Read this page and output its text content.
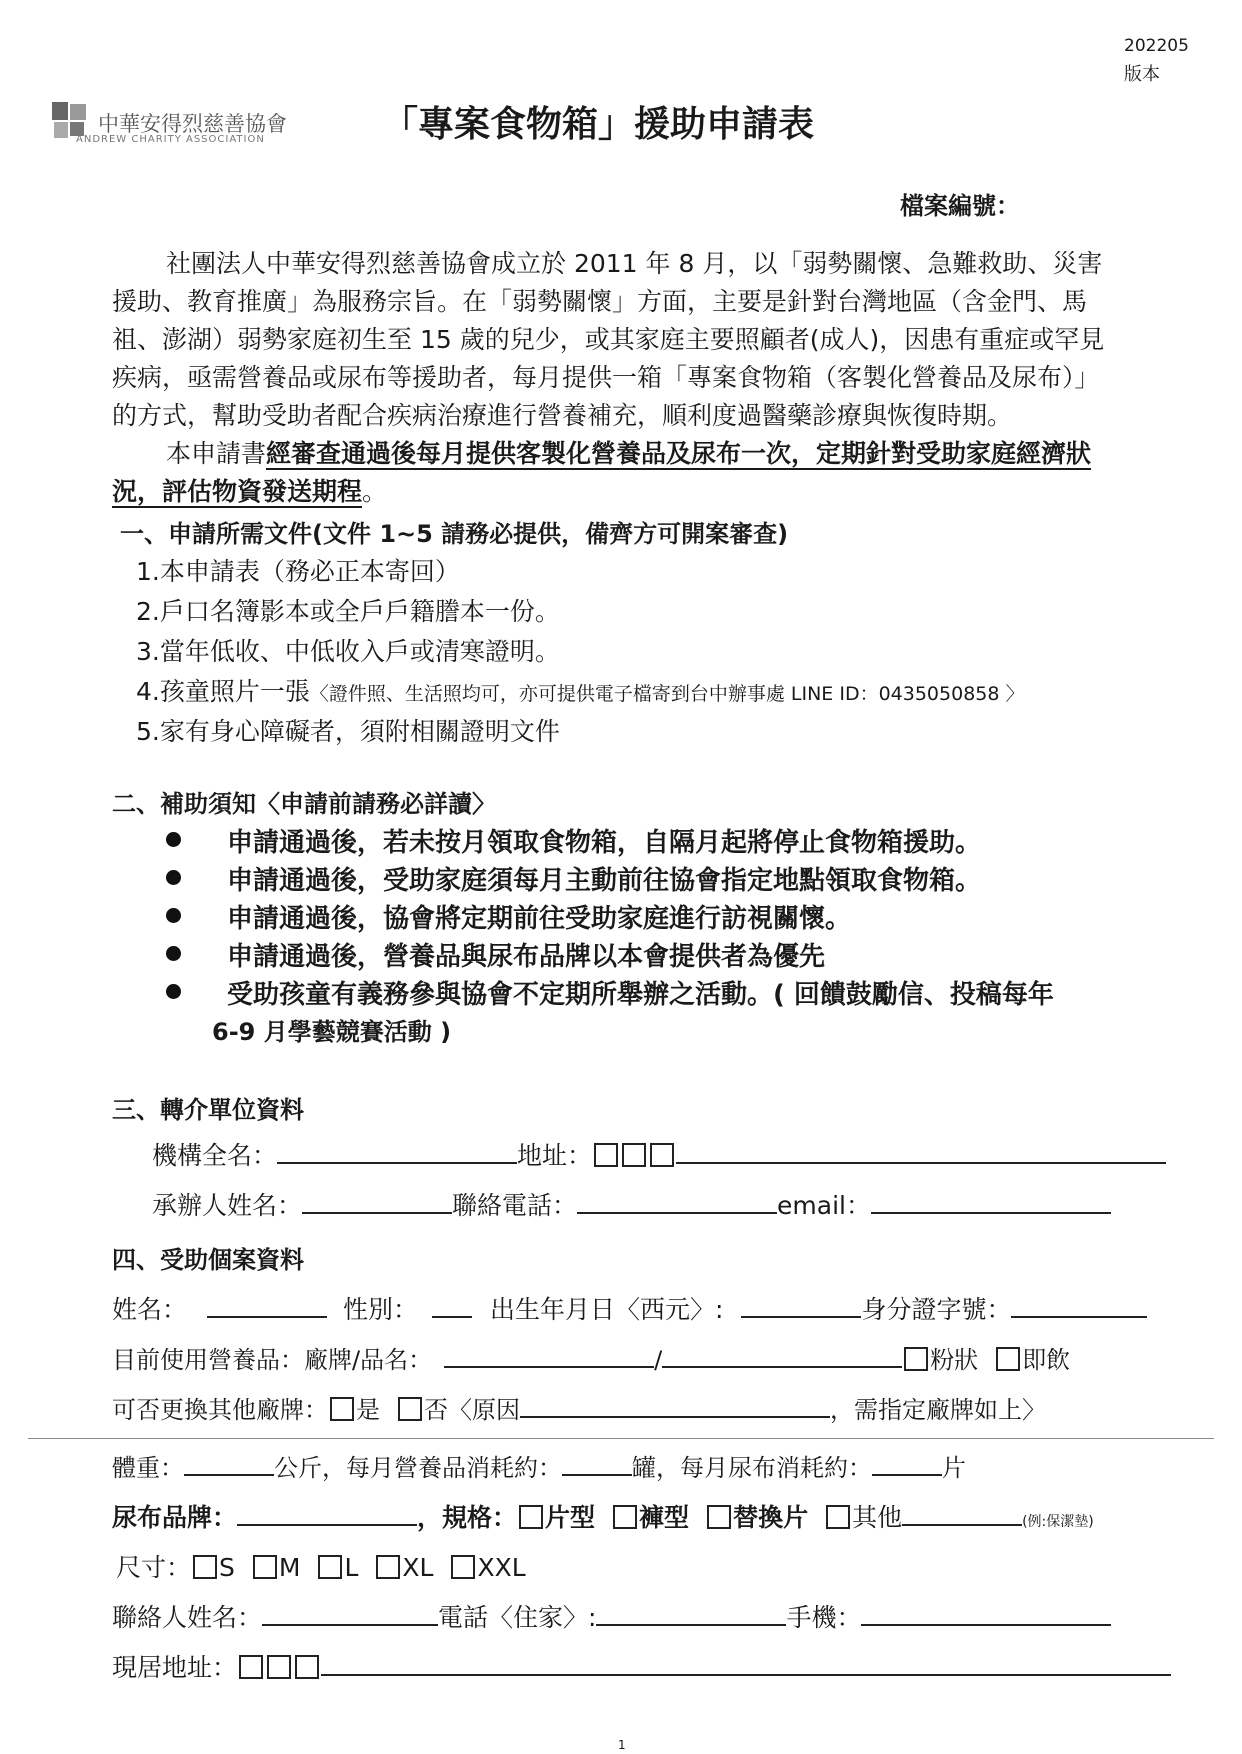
202205
版本
中華安得烈慈善協會
ANDREW CHARITY ASSOCIATION	「專案食物箱」援助申請表
檔案編號：
社團法人中華安得烈慈善協會成立於 2011 年 8 月，以「弱勢關懷、急難救助、災害
援助、教育推廣」為服務宗旨。在「弱勢關懷」方面，主要是針對台灣地區（含金門、馬
祖、澎湖）弱勢家庭初生至 15 歲的兒少，或其家庭主要照顧者(成人)，因患有重症或罕見
疾病，亟需營養品或尿布等援助者，每月提供一箱「專案食物箱（客製化營養品及尿布）」
的方式，幫助受助者配合疾病治療進行營養補充，順利度過醫藥診療與恢復時期。
本申請書經審查通過後每月提供客製化營養品及尿布一次，定期針對受助家庭經濟狀
況，評估物資發送期程。
一、申請所需文件(文件 1~5 請務必提供，備齊方可開案審查)
1.本申請表（務必正本寄回）
2.戶口名簿影本或全戶戶籍謄本一份。
3.當年低收、中低收入戶或清寒證明。
4.孩童照片一張〈證件照、生活照均可，亦可提供電子檔寄到台中辦事處 LINE ID：0435050858 〉
5.家有身心障礙者，須附相關證明文件
二、補助須知〈申請前請務必詳讀〉
申請通過後，若未按月領取食物箱，自隔月起將停止食物箱援助。
申請通過後，受助家庭須每月主動前往協會指定地點領取食物箱。
申請通過後，協會將定期前往受助家庭進行訪視關懷。
申請通過後，營養品與尿布品牌以本會提供者為優先
受助孩童有義務參與協會不定期所舉辦之活動。( 回饋鼓勵信、投稿每年
6-9 月學藝競賽活動 )
三、轉介單位資料
機構全名：	地址：
承辦人姓名：	聯絡電話：	email：
四、受助個案資料
姓名：	性別：	出生年月日〈西元〉:	身分證字號：
目前使用營養品：廠牌/品名：	/	粉狀 即飲
可否更換其他廠牌： 是 否〈原因	，需指定廠牌如上〉
體重：	公斤，每月營養品消耗約：	罐，每月尿布消耗約：	片
尿布品牌：	，規格： 片型 褲型 替換片 其他	(例:保潔墊)
尺寸： S M L XL XXL
聯絡人姓名：	電話〈住家〉:	手機：
現居地址：
1
